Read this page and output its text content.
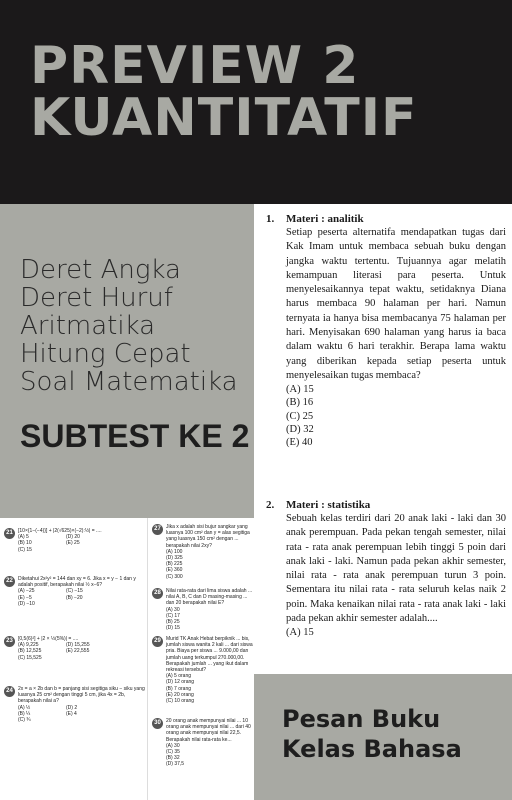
PREVIEW 2
KUANTITATIF
Deret Angka
Deret Huruf
Aritmatika
Hitung Cepat
Soal Matematika
SUBTEST KE 2
1. Materi : analitik
Setiap peserta alternatifa mendapatkan tugas dari Kak Imam untuk membaca sebuah buku dengan jangka waktu tertentu. Tujuannya agar melatih kemampuan literasi para peserta. Untuk menyelesaikannya tepat waktu, setidaknya Diana harus membaca 90 halaman per hari. Namun ternyata ia hanya bisa membacanya 75 halaman per hari. Menyisakan 690 halaman yang harus ia baca dalam waktu 6 hari terakhir. Berapa lama waktu yang diberikan kepada setiap peserta untuk menyelesaikan tugas membaca?
(A) 15
(B) 16
(C) 25
(D) 32
(E) 40
2. Materi : statistika
Sebuah kelas terdiri dari 20 anak laki - laki dan 30 anak perempuan. Pada pekan tengah semester, nilai rata - rata anak perempuan lebih tinggi 5 poin dari anak laki - laki. Namun pada pekan akhir semester, nilai rata - rata anak perempuan turun 3 poin. Sementara itu nilai rata - rata seluruh kelas naik 2 poin. Maka kenaikan nilai rata - rata anak laki - laki pada pekan akhir semester adalah....
(A) 15
21	[10×{1−(−4)}] + |2(√625)×(−2):½| = ....
(A) 5	(D) 20
(B) 10	(E) 25
(C) 15
22	Diketahui 2x²y² = 144 dan xy = 6. Jika x = y − 1 dan y adalah positif, berapakah nilai ½ x−6?
(A) −25	(C) −15
(E) −5	(B) −20
(D) −10
23	[0,5(6)²] + |2 × ½(5%)| = ....
(A) 9,225	(D) 15,255
(B) 12,525	(E) 22,555
(C) 15,525
24	2x = a × 2b dan b = panjang sisi segitiga siku − siku yang luasnya 25 cm² dengan tinggi 5 cm, jika 4x = 2b, berapakah nilai a?
(A) ½	(D) 2
(B) ¼	(E) 4
(C) ¾
27	Jika x adalah sisi bujur sangkar yang luasnya 100 cm² dan y = alas segitiga yang luasnya 150 cm² dengan ... berapakah nilai 2xy?
(A) 100
(D) 325
(B) 225
(E) 360
(C) 300
28	Nilai rata-rata dari lima siswa adalah ... nilai A, B, C dan D masing-masing ... dan 20 berapakah nilai E?
(A) 30
(C) 17
(B) 25
(D) 15
29	Murid TK Anak Hebat berpiknik ... bis, jumlah siswa wanita 2 kali ... dari siswa pria. Biaya per siswa ... 9.000,00 dan jumlah uang terkumpul 270.000,00. Berapakah jumlah ... yang ikut dalam rekreasi tersebut?
(A) 5 orang
(D) 12 orang
(B) 7 orang
(E) 20 orang
(C) 10 orang
30	20 orang anak mempunyai nilai ... 10 orang anak mempunyai nilai ... dari 40 orang anak mempunyai nilai 22,5. Berapakah nilai rata-rata ke...
(A) 30
(C) 35
(B) 32
(D) 37,5
Pesan Buku
Kelas Bahasa
